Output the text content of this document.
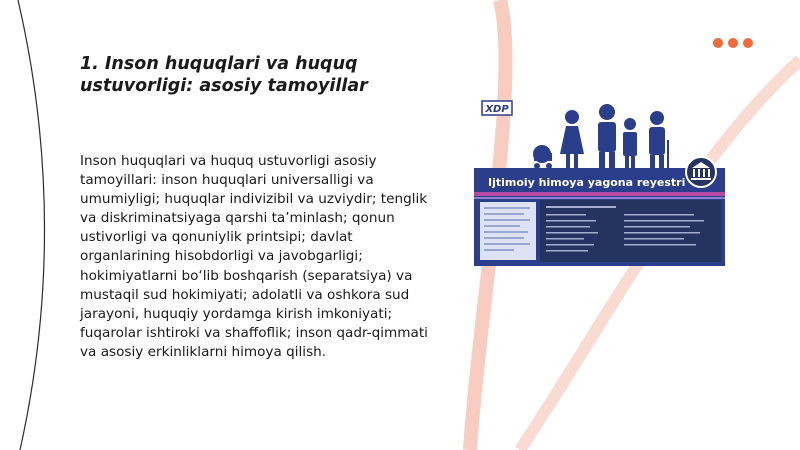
1. Inson huquqlari va huquq ustuvorligi: asosiy tamoyillar

Inson huquqlari va huquq ustuvorligi asosiy tamoyillari: inson huquqlari universalligi va umumiyligi; huquqlar indivizibil va uzviydir; tenglik va diskriminatsiyaga qarshi ta’minlash; qonun ustivorligi va qonuniylik printsipi; davlat organlarining hisobdorligi va javobgarligi; hokimiyatlarni bo‘lib boshqarish (separatsiya) va mustaqil sud hokimiyati; adolatli va oshkora sud jarayoni, huquqiy yordamga kirish imkoniyati; fuqarolar ishtiroki va shaffoflik; inson qadr-qimmati va asosiy erkinliklarni himoya qilish.

XDP
Ijtimoiy himoya yagona reyestri
